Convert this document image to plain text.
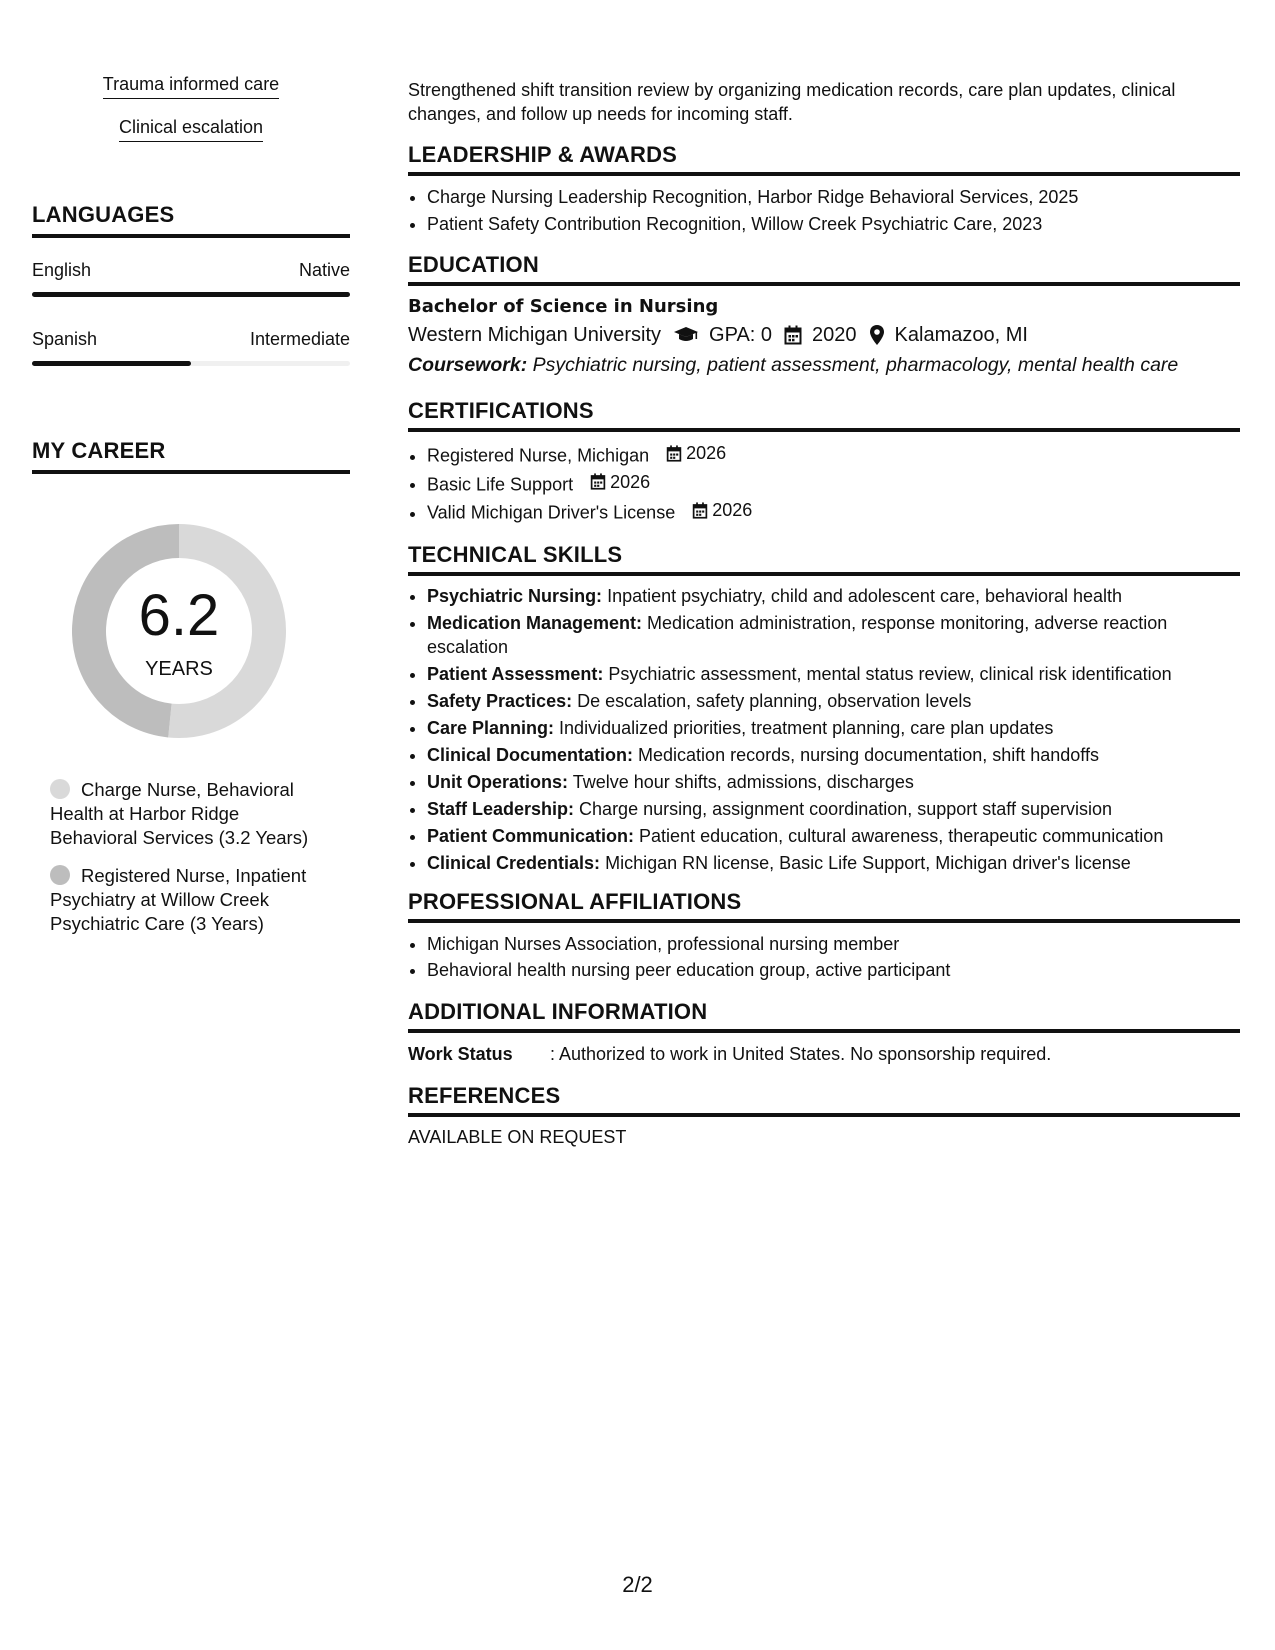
Trauma informed care
Clinical escalation
LANGUAGES
English	Native
Spanish	Intermediate
MY CAREER
6.2
YEARS
Charge Nurse, Behavioral Health at Harbor Ridge Behavioral Services (3.2 Years)
Registered Nurse, Inpatient Psychiatry at Willow Creek Psychiatric Care (3 Years)

Strengthened shift transition review by organizing medication records, care plan updates, clinical changes, and follow up needs for incoming staff.

LEADERSHIP & AWARDS
• Charge Nursing Leadership Recognition, Harbor Ridge Behavioral Services, 2025
• Patient Safety Contribution Recognition, Willow Creek Psychiatric Care, 2023
EDUCATION
Bachelor of Science in Nursing
Western Michigan University GPA: 0 2020 Kalamazoo, MI
Coursework: Psychiatric nursing, patient assessment, pharmacology, mental health care
CERTIFICATIONS
• Registered Nurse, Michigan 2026
• Basic Life Support 2026
• Valid Michigan Driver's License 2026
TECHNICAL SKILLS
• Psychiatric Nursing: Inpatient psychiatry, child and adolescent care, behavioral health
• Medication Management: Medication administration, response monitoring, adverse reaction escalation
• Patient Assessment: Psychiatric assessment, mental status review, clinical risk identification
• Safety Practices: De escalation, safety planning, observation levels
• Care Planning: Individualized priorities, treatment planning, care plan updates
• Clinical Documentation: Medication records, nursing documentation, shift handoffs
• Unit Operations: Twelve hour shifts, admissions, discharges
• Staff Leadership: Charge nursing, assignment coordination, support staff supervision
• Patient Communication: Patient education, cultural awareness, therapeutic communication
• Clinical Credentials: Michigan RN license, Basic Life Support, Michigan driver's license
PROFESSIONAL AFFILIATIONS
• Michigan Nurses Association, professional nursing member
• Behavioral health nursing peer education group, active participant
ADDITIONAL INFORMATION
Work Status	: Authorized to work in United States. No sponsorship required.
REFERENCES
AVAILABLE ON REQUEST
2/2
